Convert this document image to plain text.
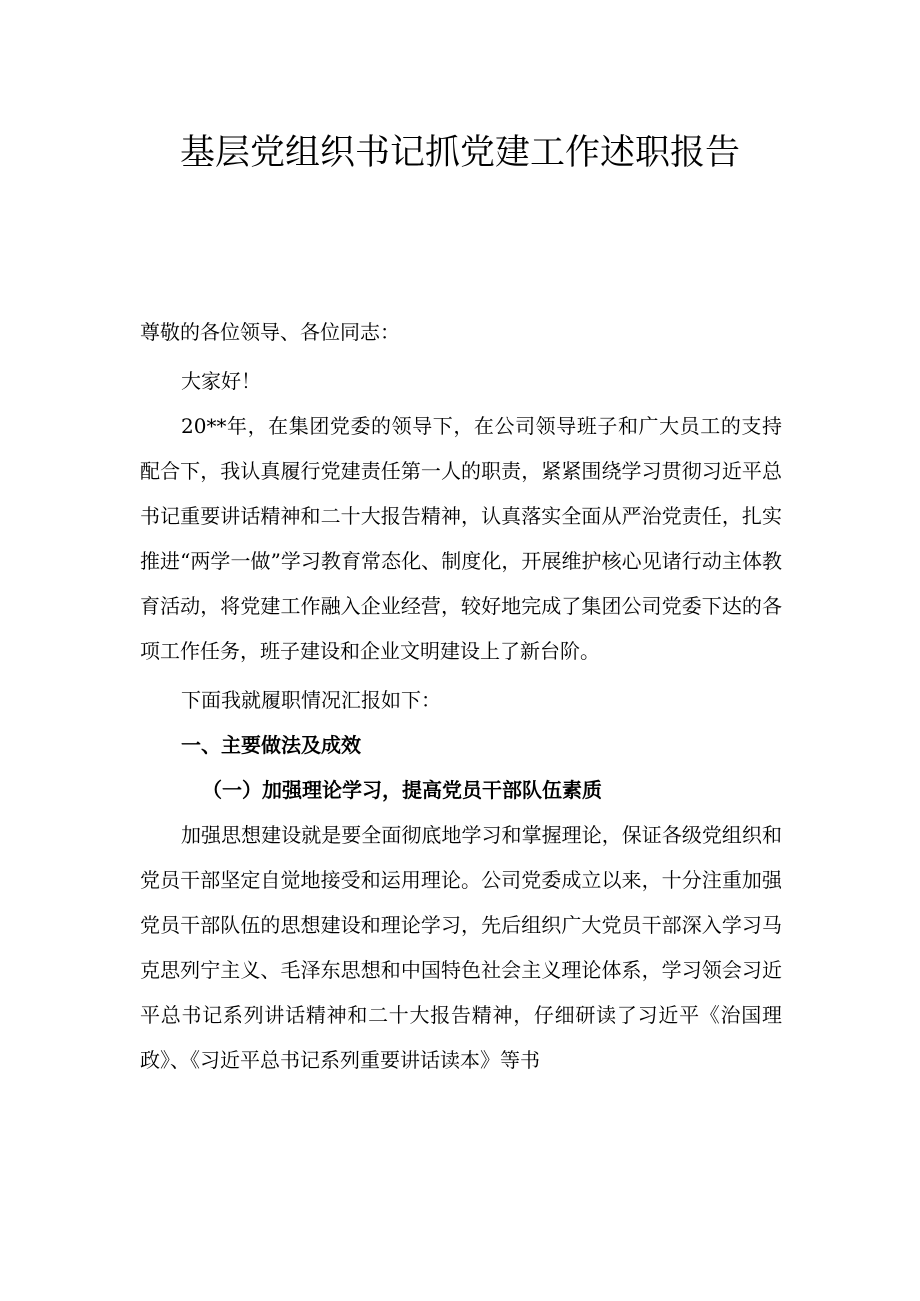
基层党组织书记抓党建工作述职报告

尊敬的各位领导、各位同志：

大家好！

20**年，在集团党委的领导下，在公司领导班子和广大员工的支持配合下，我认真履行党建责任第一人的职责，紧紧围绕学习贯彻习近平总书记重要讲话精神和二十大报告精神，认真落实全面从严治党责任，扎实推进“两学一做”学习教育常态化、制度化，开展维护核心见诸行动主体教育活动，将党建工作融入企业经营，较好地完成了集团公司党委下达的各项工作任务，班子建设和企业文明建设上了新台阶。

下面我就履职情况汇报如下：

一、主要做法及成效

（一）加强理论学习，提高党员干部队伍素质

加强思想建设就是要全面彻底地学习和掌握理论，保证各级党组织和党员干部坚定自觉地接受和运用理论。公司党委成立以来，十分注重加强党员干部队伍的思想建设和理论学习，先后组织广大党员干部深入学习马克思列宁主义、毛泽东思想和中国特色社会主义理论体系，学习领会习近平总书记系列讲话精神和二十大报告精神，仔细研读了习近平《治国理政》、《习近平总书记系列重要讲话读本》等书
